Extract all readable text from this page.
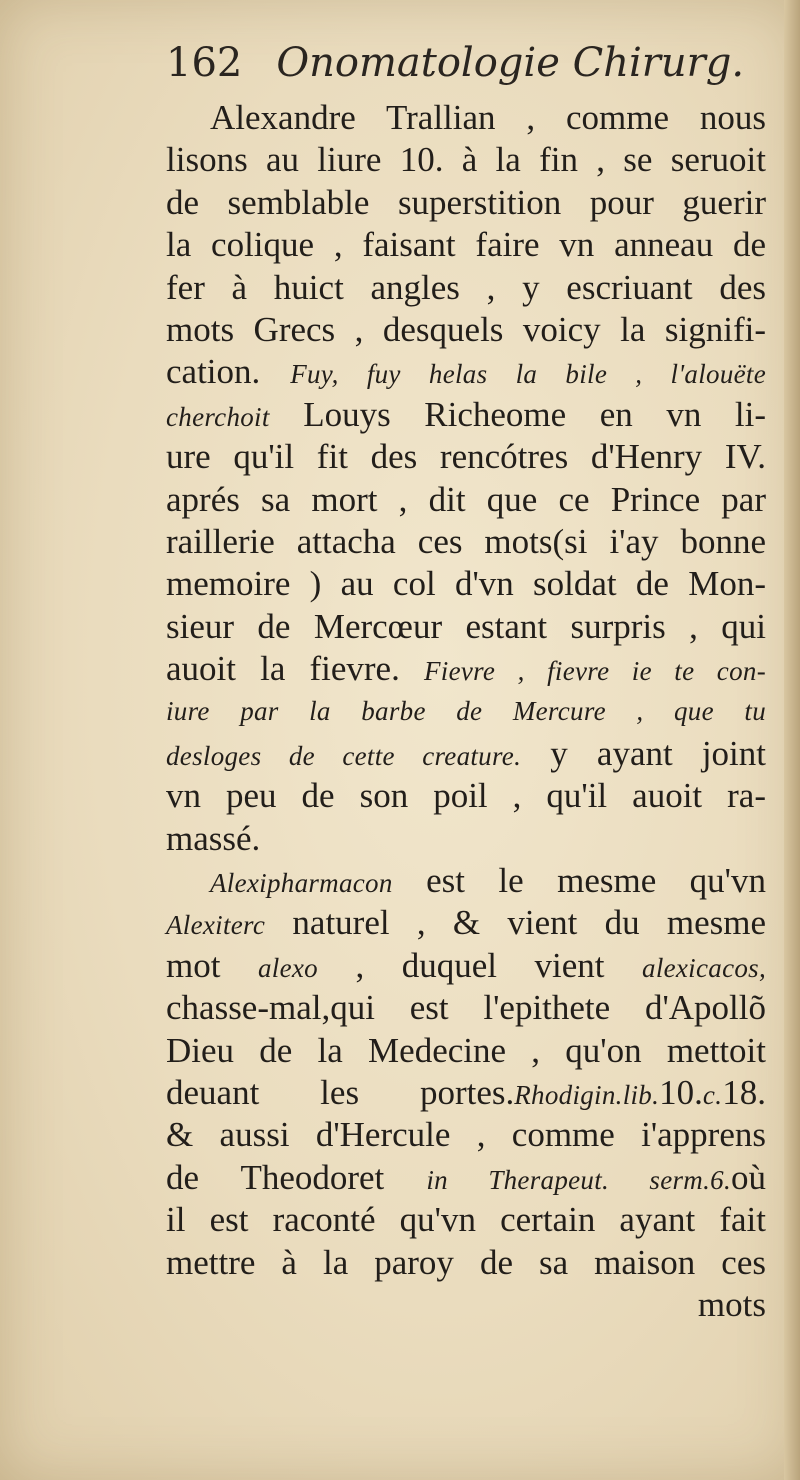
162 Onomatologie Chirurg.
Alexandre Trallian , comme nous
lisons au liure 10. à la fin , se seruoit
de semblable superstition pour guerir
la colique , faisant faire vn anneau de
fer à huict angles , y escriuant des
mots Grecs , desquels voicy la signifi-
cation. Fuy, fuy helas la bile , l'alouëte
cherchoit Louys Richeome en vn li-
ure qu'il fit des rencótres d'Henry IV.
aprés sa mort , dit que ce Prince par
raillerie attacha ces mots(si i'ay bonne
memoire ) au col d'vn soldat de Mon-
sieur de Mercœur estant surpris , qui
auoit la fievre. Fievre , fievre ie te con-
iure par la barbe de Mercure , que tu
desloges de cette creature. y ayant joint
vn peu de son poil , qu'il auoit ra-
massé.
Alexipharmacon est le mesme qu'vn
Alexiterc naturel , & vient du mesme
mot alexo , duquel vient alexicacos,
chasse-mal,qui est l'epithete d'Apollõ
Dieu de la Medecine , qu'on mettoit
deuant les portes.Rhodigin.lib.10.c.18.
& aussi d'Hercule , comme i'apprens
de Theodoret in Therapeut. serm.6.où
il est raconté qu'vn certain ayant fait
mettre à la paroy de sa maison ces
mots
